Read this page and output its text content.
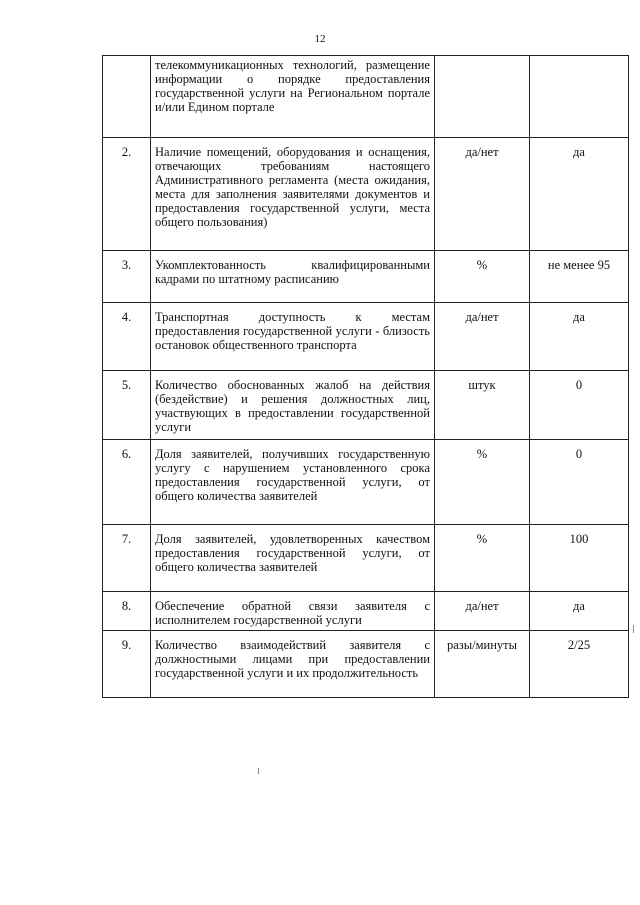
12
	телекоммуникационных технологий, размещение информации о порядке предоставления государственной услуги на Региональном портале и/или Едином портале		
2.	Наличие помещений, оборудования и оснащения, отвечающих требованиям настоящего Административного регламента (места ожидания, места для заполнения заявителями документов и предоставления государственной услуги, места общего пользования)	да/нет	да
3.	Укомплектованность квалифицированными кадрами по штатному расписанию	%	не менее 95
4.	Транспортная доступность к местам предоставления государственной услуги - близость остановок общественного транспорта	да/нет	да
5.	Количество обоснованных жалоб на действия (бездействие) и решения должностных лиц, участвующих в предоставлении государственной услуги	штук	0
6.	Доля заявителей, получивших государственную услугу с нарушением установленного срока предоставления государственной услуги, от общего количества заявителей	%	0
7.	Доля заявителей, удовлетворенных качеством предоставления государственной услуги, от общего количества заявителей	%	100
8.	Обеспечение обратной связи заявителя с исполнителем государственной услуги	да/нет	да
9.	Количество взаимодействий заявителя с должностными лицами при предоставлении государственной услуги и их продолжительность	разы/минуты	2/25
